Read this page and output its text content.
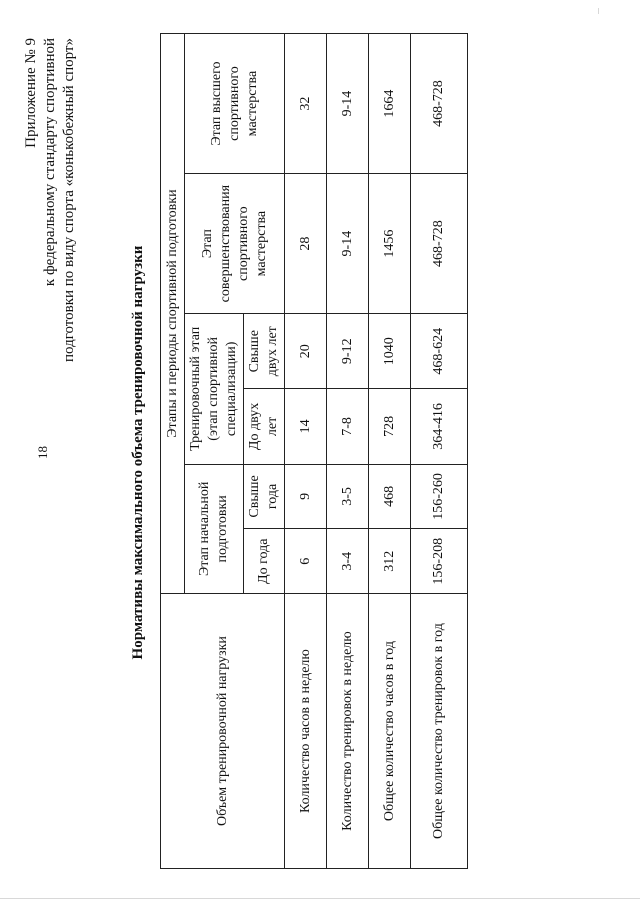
18
Приложение № 9 к федеральному стандарту спортивной подготовки по виду спорта «конькобежный спорт»
Нормативы максимального объема тренировочной нагрузки
Объем тренировочной нагрузки	Этапы и периоды спортивной подготовки					
	Этап начальной подготовки		Тренировочный этап (этап спортивной специализации)		Этап совершенствования спортивного мастерства	Этап высшего спортивного мастерства
	До года	Свыше года	До двух лет	Свыше двух лет		
Количество часов в неделю	6	9	14	20	28	32
Количество тренировок в неделю	3-4	3-5	7-8	9-12	9-14	9-14
Общее количество часов в год	312	468	728	1040	1456	1664
Общее количество тренировок в год	156-208	156-260	364-416	468-624	468-728	468-728
